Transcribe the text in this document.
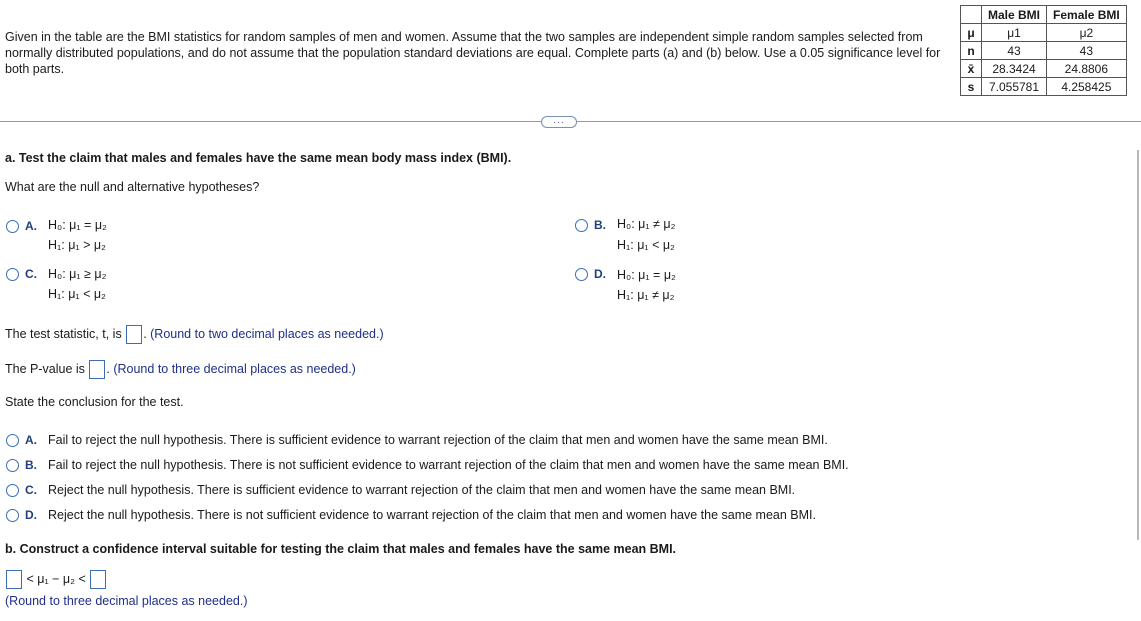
Given in the table are the BMI statistics for random samples of men and women. Assume that the two samples are independent simple random samples selected from normally distributed populations, and do not assume that the population standard deviations are equal. Complete parts (a) and (b) below. Use a 0.05 significance level for both parts.
	Male BMI	Female BMI
μ	μ1	μ2
n	43	43
x̄	28.3424	24.8806
s	7.055781	4.258425
...
a. Test the claim that males and females have the same mean body mass index (BMI).
What are the null and alternative hypotheses?
A. H₀: μ₁ = μ₂
H₁: μ₁ > μ₂
B. H₀: μ₁ ≠ μ₂
H₁: μ₁ < μ₂
C. H₀: μ₁ ≥ μ₂
H₁: μ₁ < μ₂
D. H₀: μ₁ = μ₂
H₁: μ₁ ≠ μ₂
The test statistic, t, is . (Round to two decimal places as needed.)
The P-value is . (Round to three decimal places as needed.)
State the conclusion for the test.
A. Fail to reject the null hypothesis. There is sufficient evidence to warrant rejection of the claim that men and women have the same mean BMI.
B. Fail to reject the null hypothesis. There is not sufficient evidence to warrant rejection of the claim that men and women have the same mean BMI.
C. Reject the null hypothesis. There is sufficient evidence to warrant rejection of the claim that men and women have the same mean BMI.
D. Reject the null hypothesis. There is not sufficient evidence to warrant rejection of the claim that men and women have the same mean BMI.
b. Construct a confidence interval suitable for testing the claim that males and females have the same mean BMI.
< μ₁ − μ₂ <
(Round to three decimal places as needed.)
